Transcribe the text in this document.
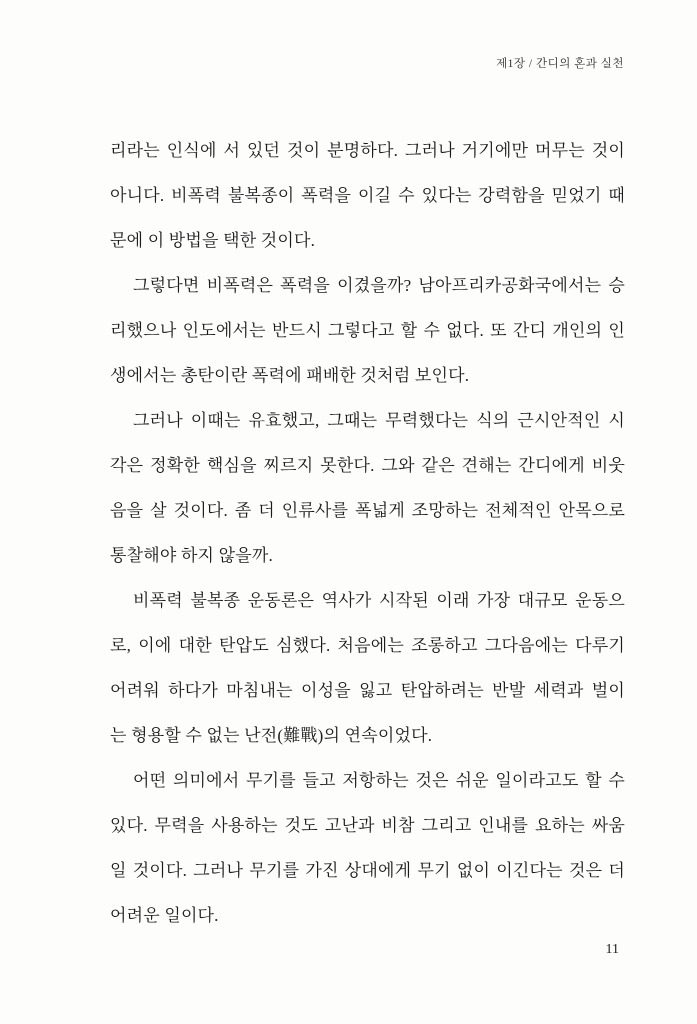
제1장 / 간디의 혼과 실천
리라는 인식에 서 있던 것이 분명하다. 그러나 거기에만 머무는 것이
아니다. 비폭력 불복종이 폭력을 이길 수 있다는 강력함을 믿었기 때
문에 이 방법을 택한 것이다.
그렇다면 비폭력은 폭력을 이겼을까? 남아프리카공화국에서는 승
리했으나 인도에서는 반드시 그렇다고 할 수 없다. 또 간디 개인의 인
생에서는 총탄이란 폭력에 패배한 것처럼 보인다.
그러나 이때는 유효했고, 그때는 무력했다는 식의 근시안적인 시
각은 정확한 핵심을 찌르지 못한다. 그와 같은 견해는 간디에게 비웃
음을 살 것이다. 좀 더 인류사를 폭넓게 조망하는 전체적인 안목으로
통찰해야 하지 않을까.
비폭력 불복종 운동론은 역사가 시작된 이래 가장 대규모 운동으
로, 이에 대한 탄압도 심했다. 처음에는 조롱하고 그다음에는 다루기
어려워 하다가 마침내는 이성을 잃고 탄압하려는 반발 세력과 벌이
는 형용할 수 없는 난전(難戰)의 연속이었다.
어떤 의미에서 무기를 들고 저항하는 것은 쉬운 일이라고도 할 수
있다. 무력을 사용하는 것도 고난과 비참 그리고 인내를 요하는 싸움
일 것이다. 그러나 무기를 가진 상대에게 무기 없이 이긴다는 것은 더
어려운 일이다.
11
